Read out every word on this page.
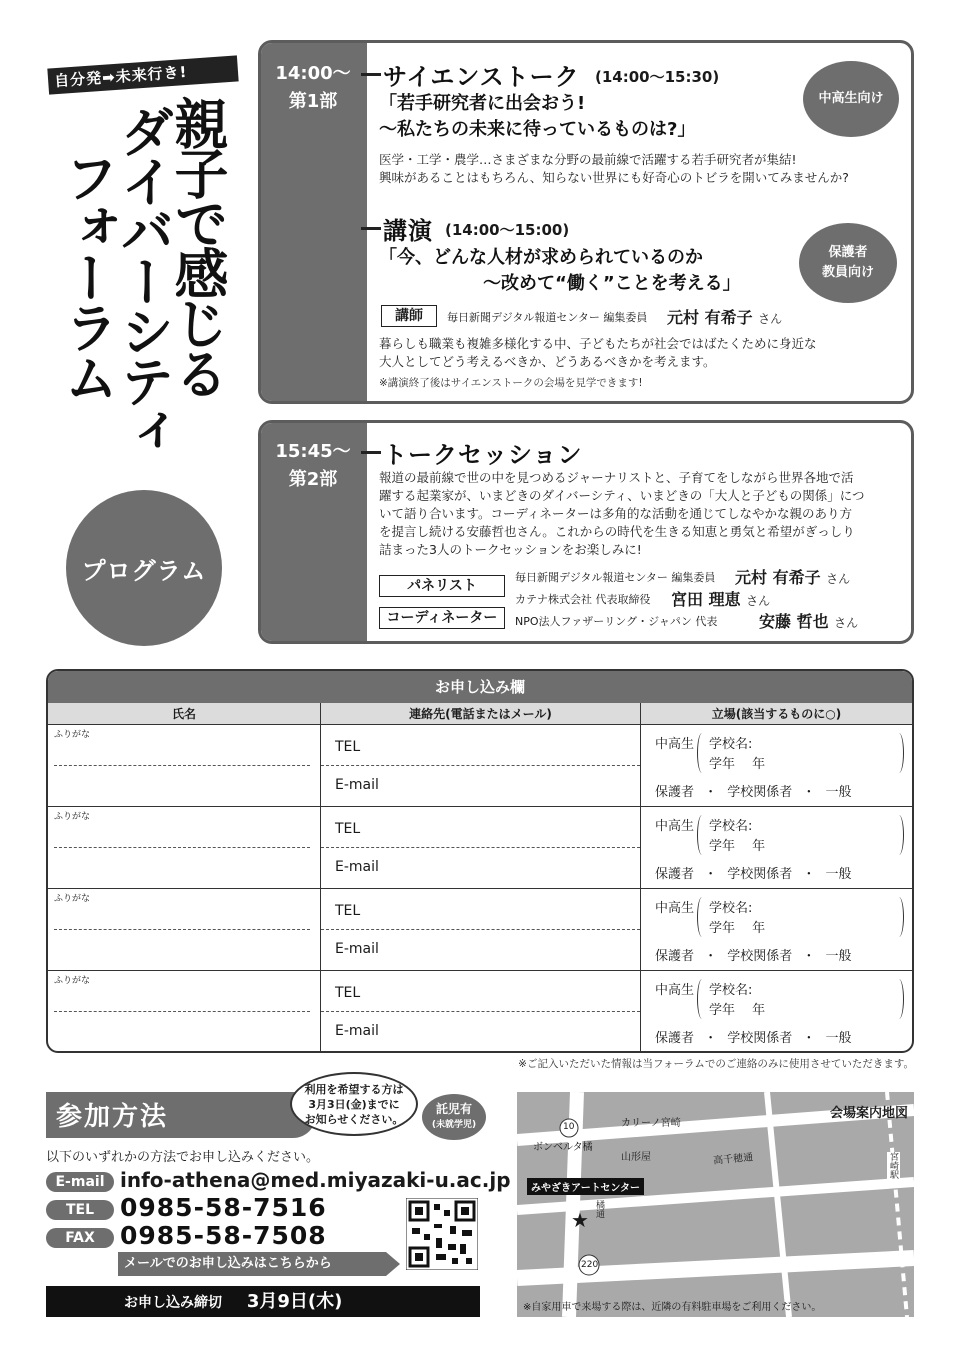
自分発➡未来行き!
親子で感じる
ダイバーシティ
フォーラム
プログラム
14:00〜
第1部
サイエンストーク (14:00〜15:30)
「若手研究者に出会おう!
〜私たちの未来に待っているものは?」
中高生向け
医学・工学・農学…さまざまな分野の最前線で活躍する若手研究者が集結!
興味があることはもちろん、知らない世界にも好奇心のトビラを開いてみませんか?
講演 (14:00〜15:00)
「今、どんな人材が求められているのか
〜改めて“働く”ことを考える」
保護者
教員向け
講師	毎日新聞デジタル報道センター 編集委員 元村 有希子 さん
暮らしも職業も複雑多様化する中、子どもたちが社会ではばたくために身近な
大人としてどう考えるべきか、どうあるべきかを考えます。
※講演終了後はサイエンストークの会場を見学できます!
15:45〜
第2部
トークセッション
報道の最前線で世の中を見つめるジャーナリストと、子育てをしながら世界各地で活
躍する起業家が、いまどきのダイバーシティ、いまどきの「大人と子どもの関係」につ
いて語り合います。コーディネーターは多角的な活動を通じてしなやかな親のあり方
を提言し続ける安藤哲也さん。これからの時代を生きる知恵と勇気と希望がぎっしり
詰まった3人のトークセッションをお楽しみに!
パネリスト
毎日新聞デジタル報道センター 編集委員 元村 有希子 さん
カテナ株式会社 代表取締役 宮田 理恵 さん
コーディネーター	NPO法人ファザーリング・ジャパン 代表	安藤 哲也 さん
お申し込み欄
氏名	連絡先(電話またはメール)	立場(該当するものに○)
ふりがな
TEL
E-mail
中高生 学校名:
学年 　年
保護者 ・ 学校関係者 ・ 一般
ふりがな
TEL
E-mail
中高生 学校名:
学年 　年
保護者 ・ 学校関係者 ・ 一般
ふりがな
TEL
E-mail
中高生 学校名:
学年 　年
保護者 ・ 学校関係者 ・ 一般
ふりがな
TEL
E-mail
中高生 学校名:
学年 　年
保護者 ・ 学校関係者 ・ 一般
※ご記入いただいた情報は当フォーラムでのご連絡のみに使用させていただきます。
参加方法
利用を希望する方は
3月3日(金)までに
お知らせください。
託児有
(未就学児)
以下のいずれかの方法でお申し込みください。
E-mail info-athena@med.miyazaki-u.ac.jp
TEL	0985-58-7516
FAX	0985-58-7508
メールでのお申し込みはこちらから
お申し込み締切 3月9日(木)
会場案内地図
10
220
カリーノ宮崎
ボンベルタ橘
山形屋	高千穂通	宮崎駅
みやざきアートセンター
★ 橘通
※自家用車で来場する際は、近隣の有料駐車場をご利用ください。
